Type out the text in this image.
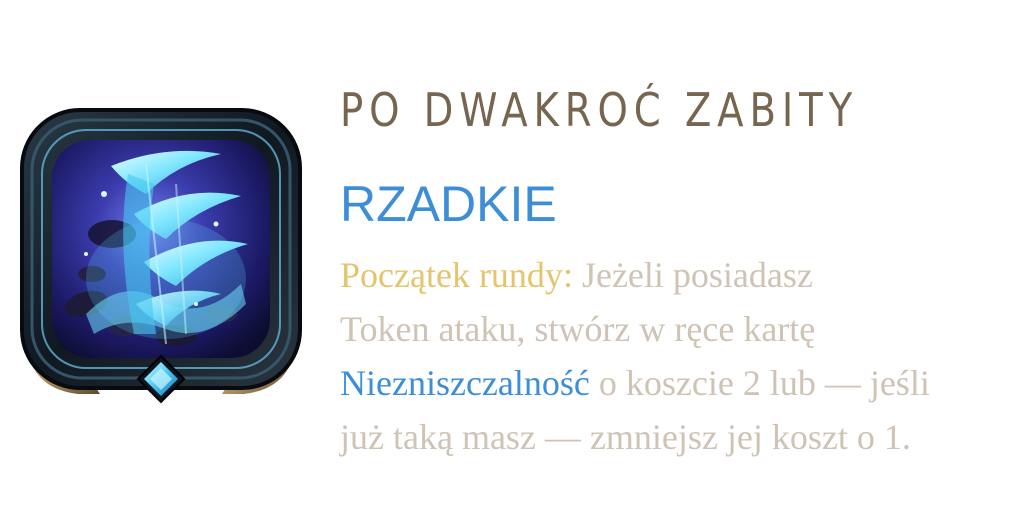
PO DWAKROĆ ZABITY
RZADKIE
Początek rundy: Jeżeli posiadasz
Token ataku, stwórz w ręce kartę
Niezniszczalność o koszcie 2 lub — jeśli
już taką masz — zmniejsz jej koszt o 1.
